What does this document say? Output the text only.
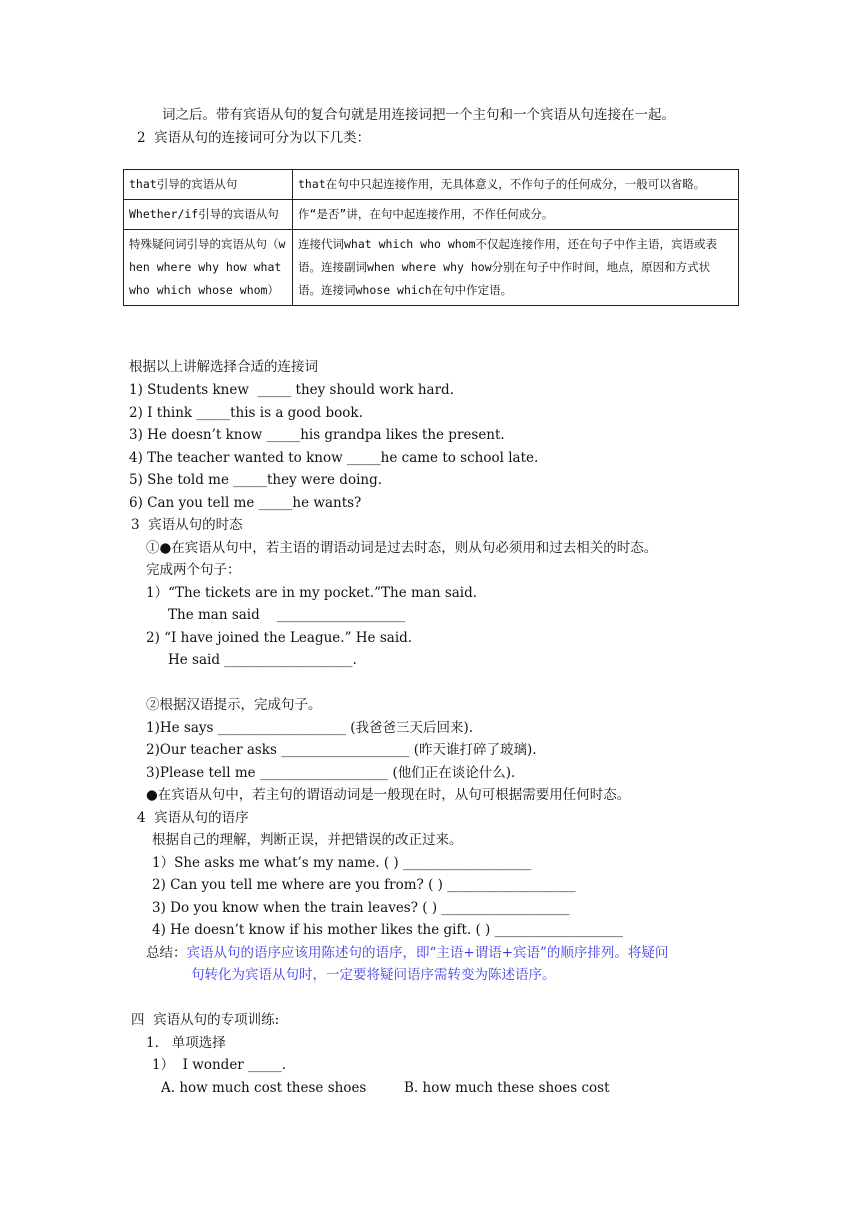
词之后。带有宾语从句的复合句就是用连接词把一个主句和一个宾语从句连接在一起。
2  宾语从句的连接词可分为以下几类：
that引导的宾语从句	that在句中只起连接作用，无具体意义，不作句子的任何成分，一般可以省略。
Whether/if引导的宾语从句	作“是否”讲，在句中起连接作用，不作任何成分。
特殊疑问词引导的宾语从句（when where why how what who which whose whom）	连接代词what which who whom不仅起连接作用，还在句子中作主语，宾语或表语。连接副词when where why how分别在句子中作时间，地点，原因和方式状语。连接词whose which在句中作定语。
根据以上讲解选择合适的连接词
1) Students knew  _____ they should work hard.
2) I think _____this is a good book.
3) He doesn’t know _____his grandpa likes the present.
4) The teacher wanted to know _____he came to school late.
5) She told me _____they were doing.
6) Can you tell me _____he wants?
3  宾语从句的时态
①●在宾语从句中，若主语的谓语动词是过去时态，则从句必须用和过去相关的时态。
完成两个句子：
1）“The tickets are in my pocket.”The man said.
The man said    ___________________
2) “I have joined the League.” He said.
He said ___________________.
②根据汉语提示，完成句子。
1)He says ___________________ (我爸爸三天后回来).
2)Our teacher asks ___________________ (昨天谁打碎了玻璃).
3)Please tell me ___________________ (他们正在谈论什么).
●在宾语从句中，若主句的谓语动词是一般现在时，从句可根据需要用任何时态。
4  宾语从句的语序
根据自己的理解，判断正误，并把错误的改正过来。
1）She asks me what’s my name. ( ) ___________________
2) Can you tell me where are you from? ( ) ___________________
3) Do you know when the train leaves? ( ) ___________________
4) He doesn’t know if his mother likes the gift. ( ) ___________________
总结：宾语从句的语序应该用陈述句的语序，即“主语+谓语+宾语”的顺序排列。将疑问
句转化为宾语从句时，一定要将疑问语序需转变为陈述语序。
四  宾语从句的专项训练:
1.   单项选择
1）  I wonder _____.
A. how much cost these shoes	B. how much these shoes cost
